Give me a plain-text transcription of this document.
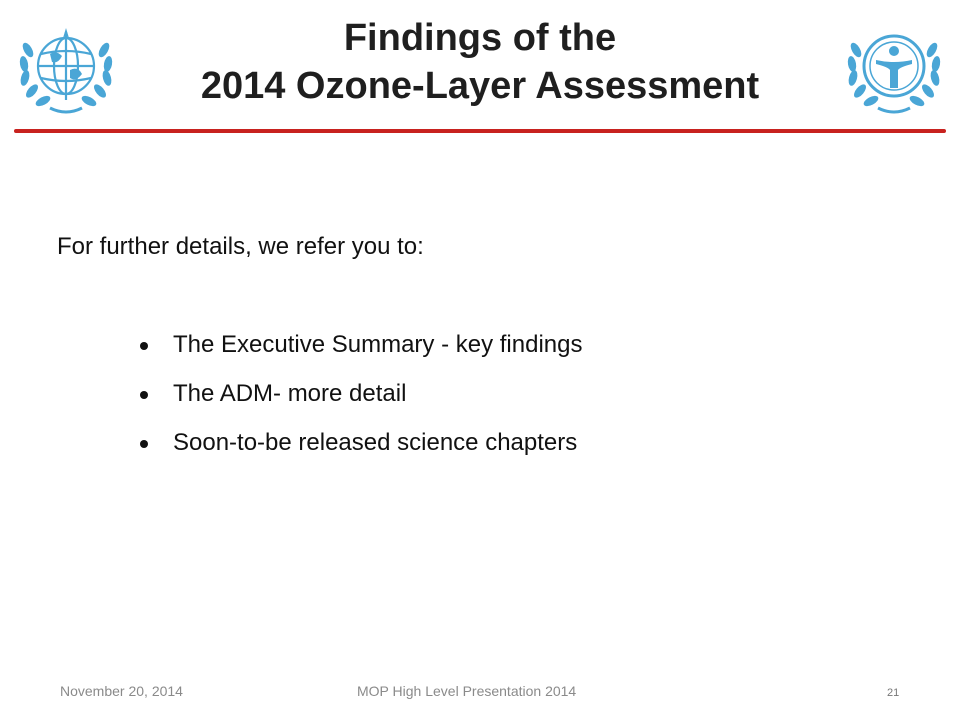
Findings of the
2014 Ozone-Layer Assessment

For further details, we refer you to:

The Executive Summary - key findings
The ADM- more detail
Soon-to-be released science chapters
November 20, 2014	MOP High Level Presentation 2014	21
